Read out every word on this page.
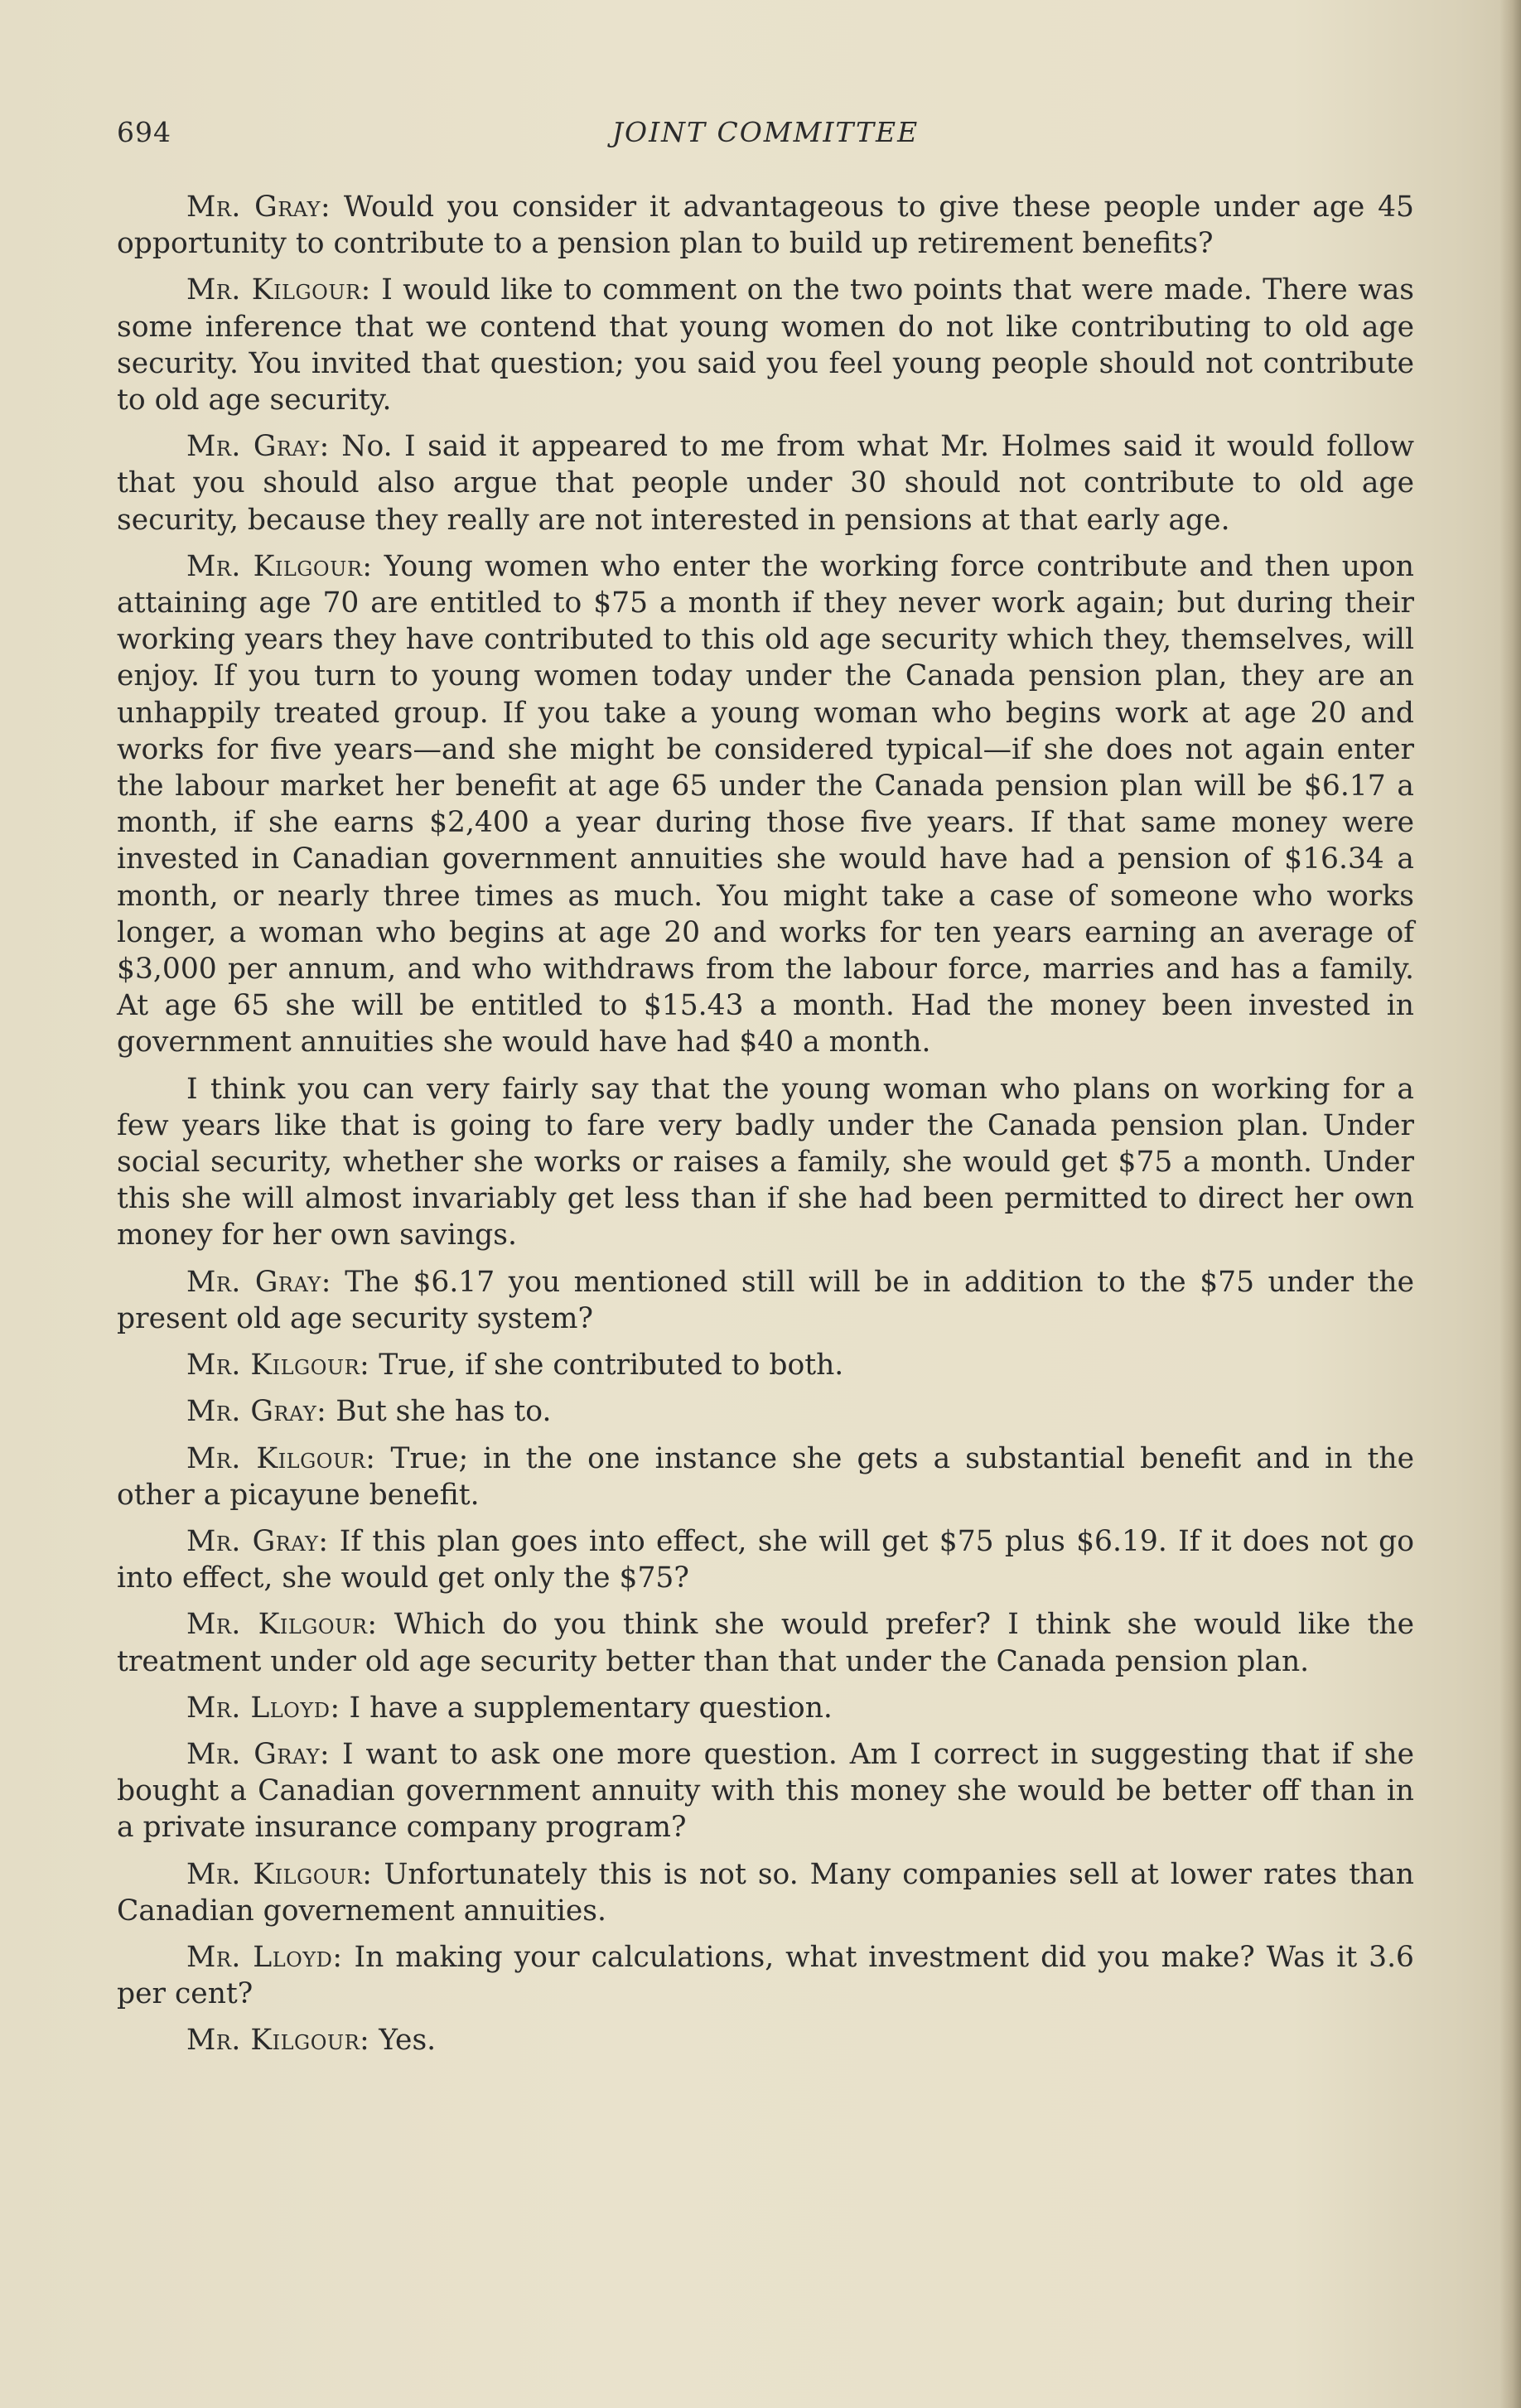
694	JOINT COMMITTEE

Mr. Gray: Would you consider it advantageous to give these people under age 45 opportunity to contribute to a pension plan to build up retirement benefits?

Mr. Kilgour: I would like to comment on the two points that were made. There was some inference that we contend that young women do not like contributing to old age security. You invited that question; you said you feel young people should not contribute to old age security.

Mr. Gray: No. I said it appeared to me from what Mr. Holmes said it would follow that you should also argue that people under 30 should not contribute to old age security, because they really are not interested in pensions at that early age.

Mr. Kilgour: Young women who enter the working force contribute and then upon attaining age 70 are entitled to $75 a month if they never work again; but during their working years they have contributed to this old age security which they, themselves, will enjoy. If you turn to young women today under the Canada pension plan, they are an unhappily treated group. If you take a young woman who begins work at age 20 and works for five years—and she might be considered typical—if she does not again enter the labour market her benefit at age 65 under the Canada pension plan will be $6.17 a month, if she earns $2,400 a year during those five years. If that same money were invested in Canadian government annuities she would have had a pension of $16.34 a month, or nearly three times as much. You might take a case of someone who works longer, a woman who begins at age 20 and works for ten years earning an average of $3,000 per annum, and who withdraws from the labour force, marries and has a family. At age 65 she will be entitled to $15.43 a month. Had the money been invested in government annuities she would have had $40 a month.

I think you can very fairly say that the young woman who plans on working for a few years like that is going to fare very badly under the Canada pension plan. Under social security, whether she works or raises a family, she would get $75 a month. Under this she will almost invariably get less than if she had been permitted to direct her own money for her own savings.

Mr. Gray: The $6.17 you mentioned still will be in addition to the $75 under the present old age security system?

Mr. Kilgour: True, if she contributed to both.

Mr. Gray: But she has to.

Mr. Kilgour: True; in the one instance she gets a substantial benefit and in the other a picayune benefit.

Mr. Gray: If this plan goes into effect, she will get $75 plus $6.19. If it does not go into effect, she would get only the $75?

Mr. Kilgour: Which do you think she would prefer? I think she would like the treatment under old age security better than that under the Canada pension plan.

Mr. Lloyd: I have a supplementary question.

Mr. Gray: I want to ask one more question. Am I correct in suggesting that if she bought a Canadian government annuity with this money she would be better off than in a private insurance company program?

Mr. Kilgour: Unfortunately this is not so. Many companies sell at lower rates than Canadian governement annuities.

Mr. Lloyd: In making your calculations, what investment did you make? Was it 3.6 per cent?

Mr. Kilgour: Yes.
